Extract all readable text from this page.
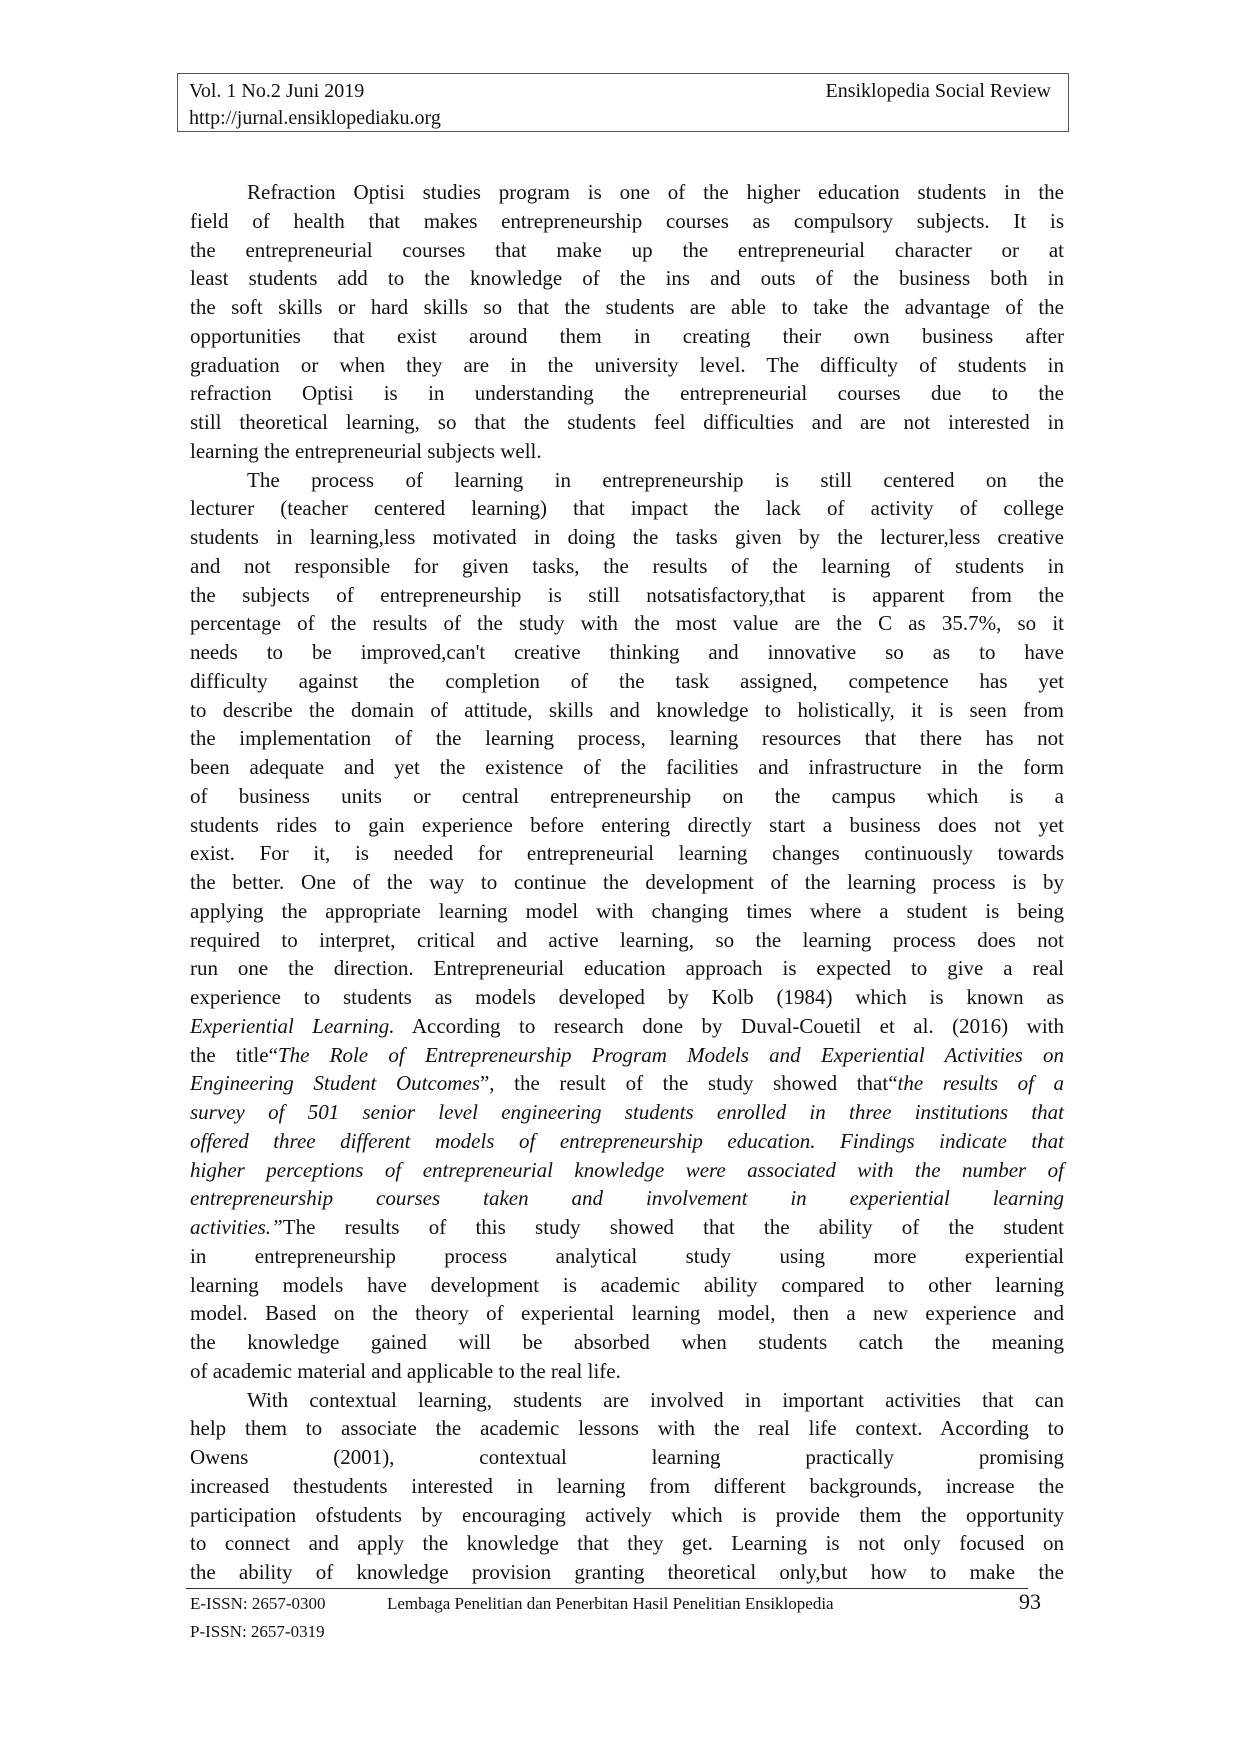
Vol. 1 No.2 Juni 2019
http://jurnal.ensiklopediaku.org
Ensiklopedia Social Review
Refraction Optisi studies program is one of the higher education students in the
field of health that makes entrepreneurship courses as compulsory subjects. It is
the entrepreneurial courses that make up the entrepreneurial character or at
least students add to the knowledge of the ins and outs of the business both in
the soft skills or hard skills so that the students are able to take the advantage of the
opportunities that exist around them in creating their own business after
graduation or when they are in the university level. The difficulty of students in
refraction Optisi is in understanding the entrepreneurial courses due to the
still theoretical learning, so that the students feel difficulties and are not interested in
learning the entrepreneurial subjects well.
The process of learning in entrepreneurship is still centered on the
lecturer (teacher centered learning) that impact the lack of activity of college
students in learning,less motivated in doing the tasks given by the lecturer,less creative
and not responsible for given tasks, the results of the learning of students in
the subjects of entrepreneurship is still notsatisfactory,that is apparent from the
percentage of the results of the study with the most value are the C as 35.7%, so it
needs to be improved,can't creative thinking and innovative so as to have
difficulty against the completion of the task assigned, competence has yet
to describe the domain of attitude, skills and knowledge to holistically, it is seen from
the implementation of the learning process, learning resources that there has not
been adequate and yet the existence of the facilities and infrastructure in the form
of business units or central entrepreneurship on the campus which is a
students rides to gain experience before entering directly start a business does not yet
exist. For it, is needed for entrepreneurial learning changes continuously towards
the better. One of the way to continue the development of the learning process is by
applying the appropriate learning model with changing times where a student is being
required to interpret, critical and active learning, so the learning process does not
run one the direction. Entrepreneurial education approach is expected to give a real
experience to students as models developed by Kolb (1984) which is known as
Experiential Learning. According to research done by Duval-Couetil et al. (2016) with
the title“The Role of Entrepreneurship Program Models and Experiential Activities on
Engineering Student Outcomes”, the result of the study showed that“the results of a
survey of 501 senior level engineering students enrolled in three institutions that
offered three different models of entrepreneurship education. Findings indicate that
higher perceptions of entrepreneurial knowledge were associated with the number of
entrepreneurship courses taken and involvement in experiential learning
activities.”The results of this study showed that the ability of the student
in entrepreneurship process analytical study using more experiential
learning models have development is academic ability compared to other learning
model. Based on the theory of experiental learning model, then a new experience and
the knowledge gained will be absorbed when students catch the meaning
of academic material and applicable to the real life.
With contextual learning, students are involved in important activities that can
help them to associate the academic lessons with the real life context. According to
Owens (2001), contextual learning practically promising
increased thestudents interested in learning from different backgrounds, increase the
participation ofstudents by encouraging actively which is provide them the opportunity
to connect and apply the knowledge that they get. Learning is not only focused on
the ability of knowledge provision granting theoretical only,but how to make the
E-ISSN: 2657-0300
P-ISSN: 2657-0319
Lembaga Penelitian dan Penerbitan Hasil Penelitian Ensiklopedia	93
